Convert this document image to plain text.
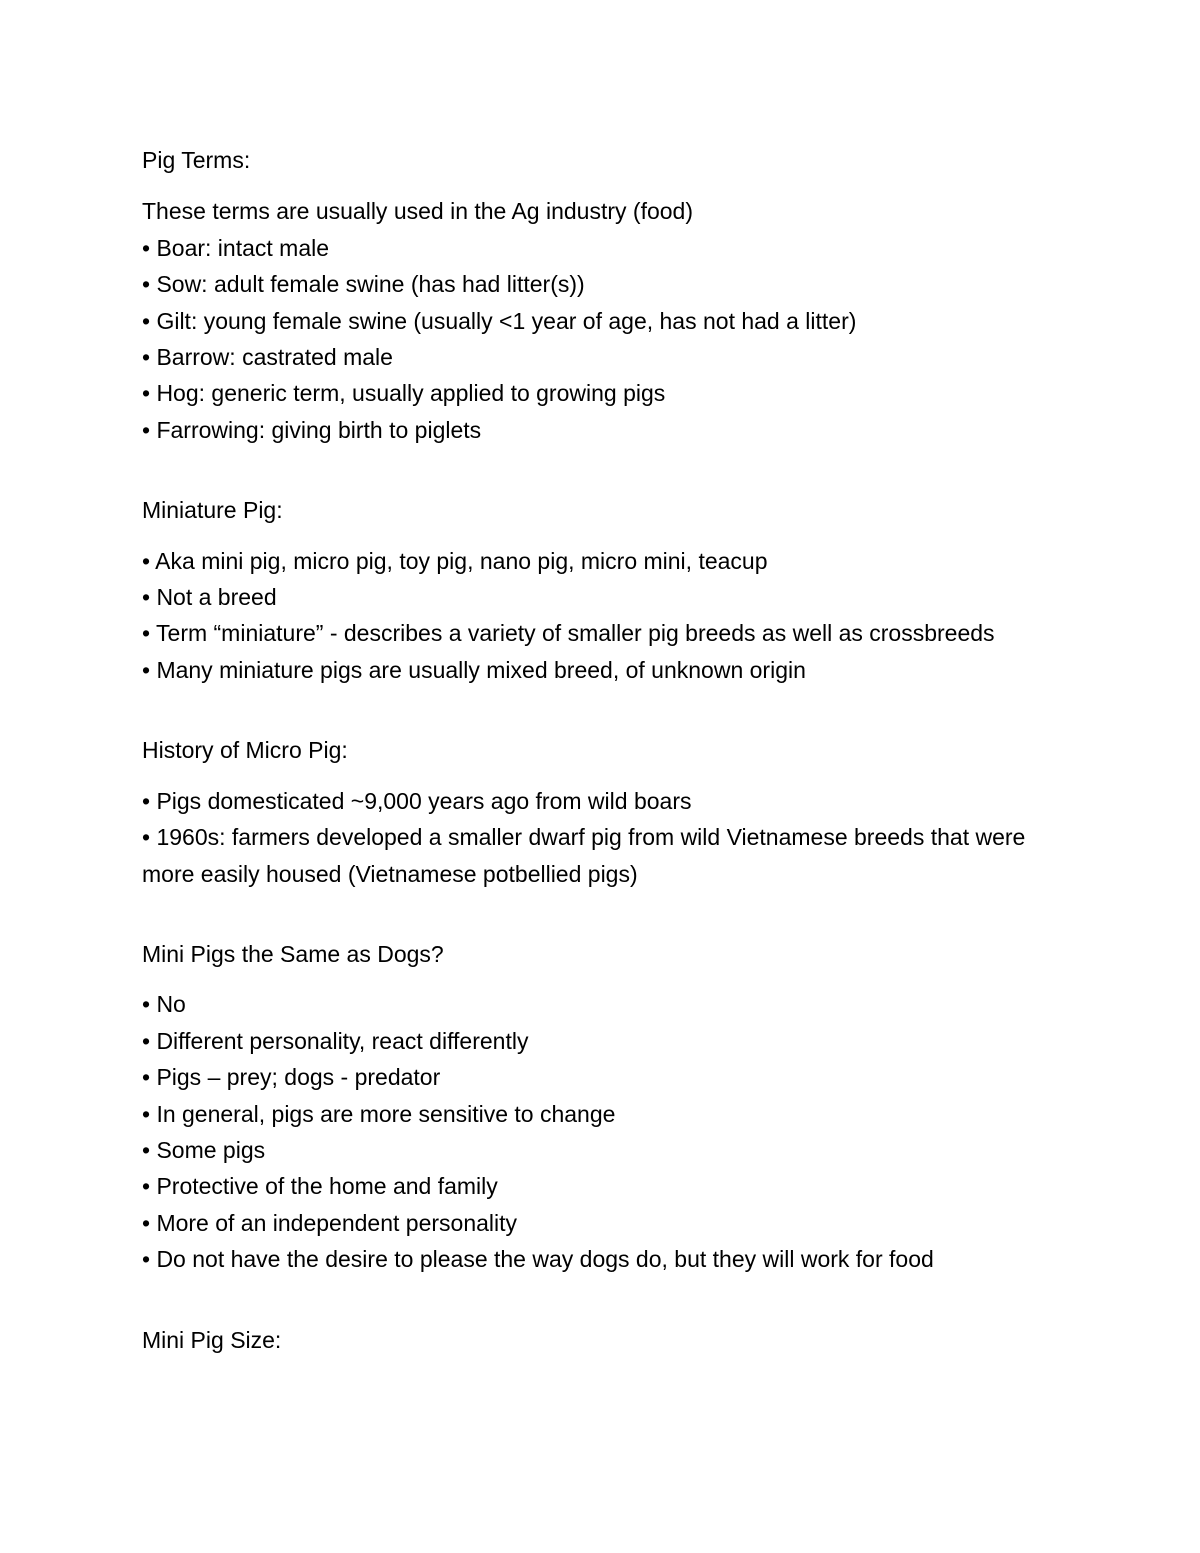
Pig Terms:

These terms are usually used in the Ag industry (food)

• Boar: intact male
• Sow: adult female swine (has had litter(s))
• Gilt: young female swine (usually <1 year of age, has not had a litter)
• Barrow: castrated male
• Hog: generic term, usually applied to growing pigs
• Farrowing: giving birth to piglets

Miniature Pig:

• Aka mini pig, micro pig, toy pig, nano pig, micro mini, teacup
• Not a breed
• Term “miniature” - describes a variety of smaller pig breeds as well as crossbreeds
• Many miniature pigs are usually mixed breed, of unknown origin

History of Micro Pig:

• Pigs domesticated ~9,000 years ago from wild boars
• 1960s: farmers developed a smaller dwarf pig from wild Vietnamese breeds that were more easily housed (Vietnamese potbellied pigs)

Mini Pigs the Same as Dogs?

• No
• Different personality, react differently
• Pigs – prey; dogs - predator
• In general, pigs are more sensitive to change
• Some pigs
• Protective of the home and family
• More of an independent personality
• Do not have the desire to please the way dogs do, but they will work for food

Mini Pig Size:
